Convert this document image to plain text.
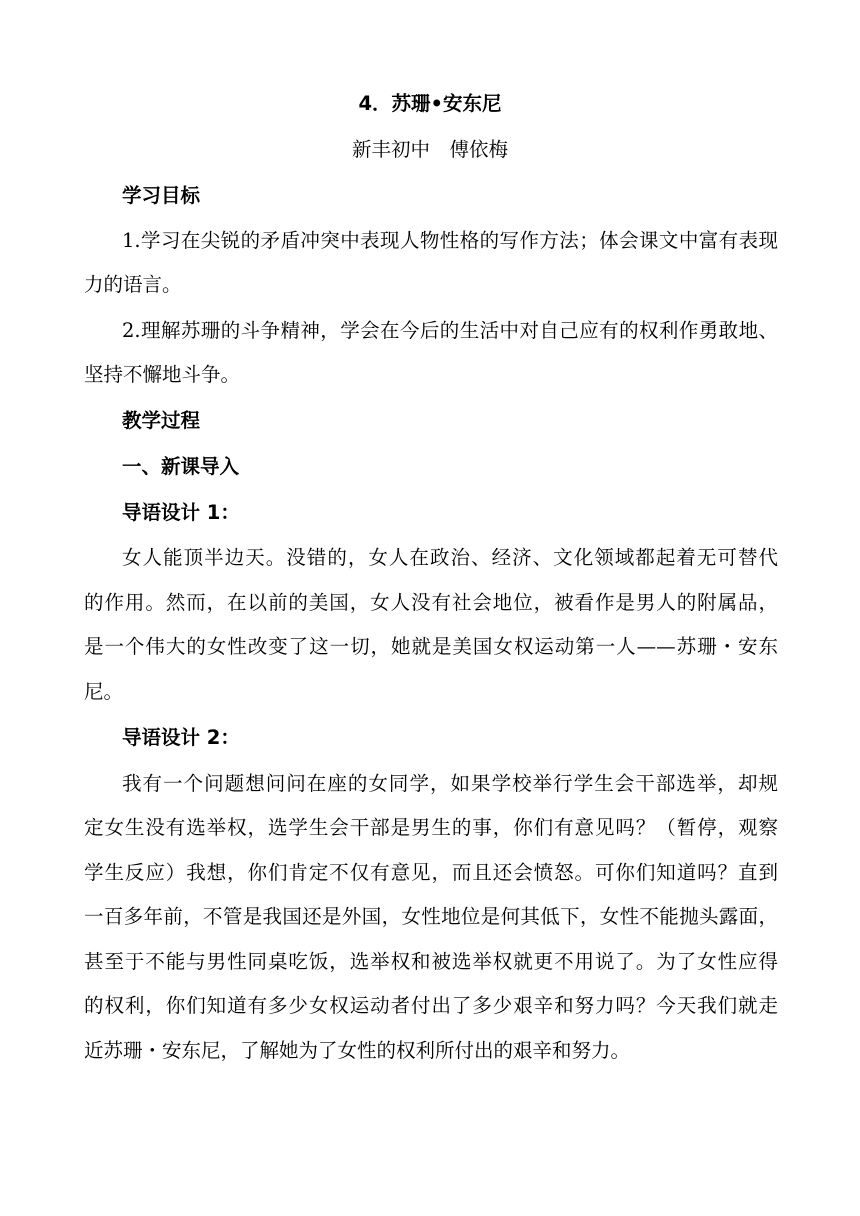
4．苏珊•安东尼
新丰初中　傅依梅
学习目标
1.学习在尖锐的矛盾冲突中表现人物性格的写作方法；体会课文中富有表现
力的语言。
2.理解苏珊的斗争精神，学会在今后的生活中对自己应有的权利作勇敢地、
坚持不懈地斗争。
教学过程
一、新课导入
导语设计 1：
女人能顶半边天。没错的，女人在政治、经济、文化领域都起着无可替代
的作用。然而，在以前的美国，女人没有社会地位，被看作是男人的附属品，
是一个伟大的女性改变了这一切，她就是美国女权运动第一人——苏珊・安东
尼。
导语设计 2：
我有一个问题想问问在座的女同学，如果学校举行学生会干部选举，却规
定女生没有选举权，选学生会干部是男生的事，你们有意见吗？（暂停，观察
学生反应）我想，你们肯定不仅有意见，而且还会愤怒。可你们知道吗？直到
一百多年前，不管是我国还是外国，女性地位是何其低下，女性不能抛头露面，
甚至于不能与男性同桌吃饭，选举权和被选举权就更不用说了。为了女性应得
的权利，你们知道有多少女权运动者付出了多少艰辛和努力吗？今天我们就走
近苏珊・安东尼，了解她为了女性的权利所付出的艰辛和努力。
